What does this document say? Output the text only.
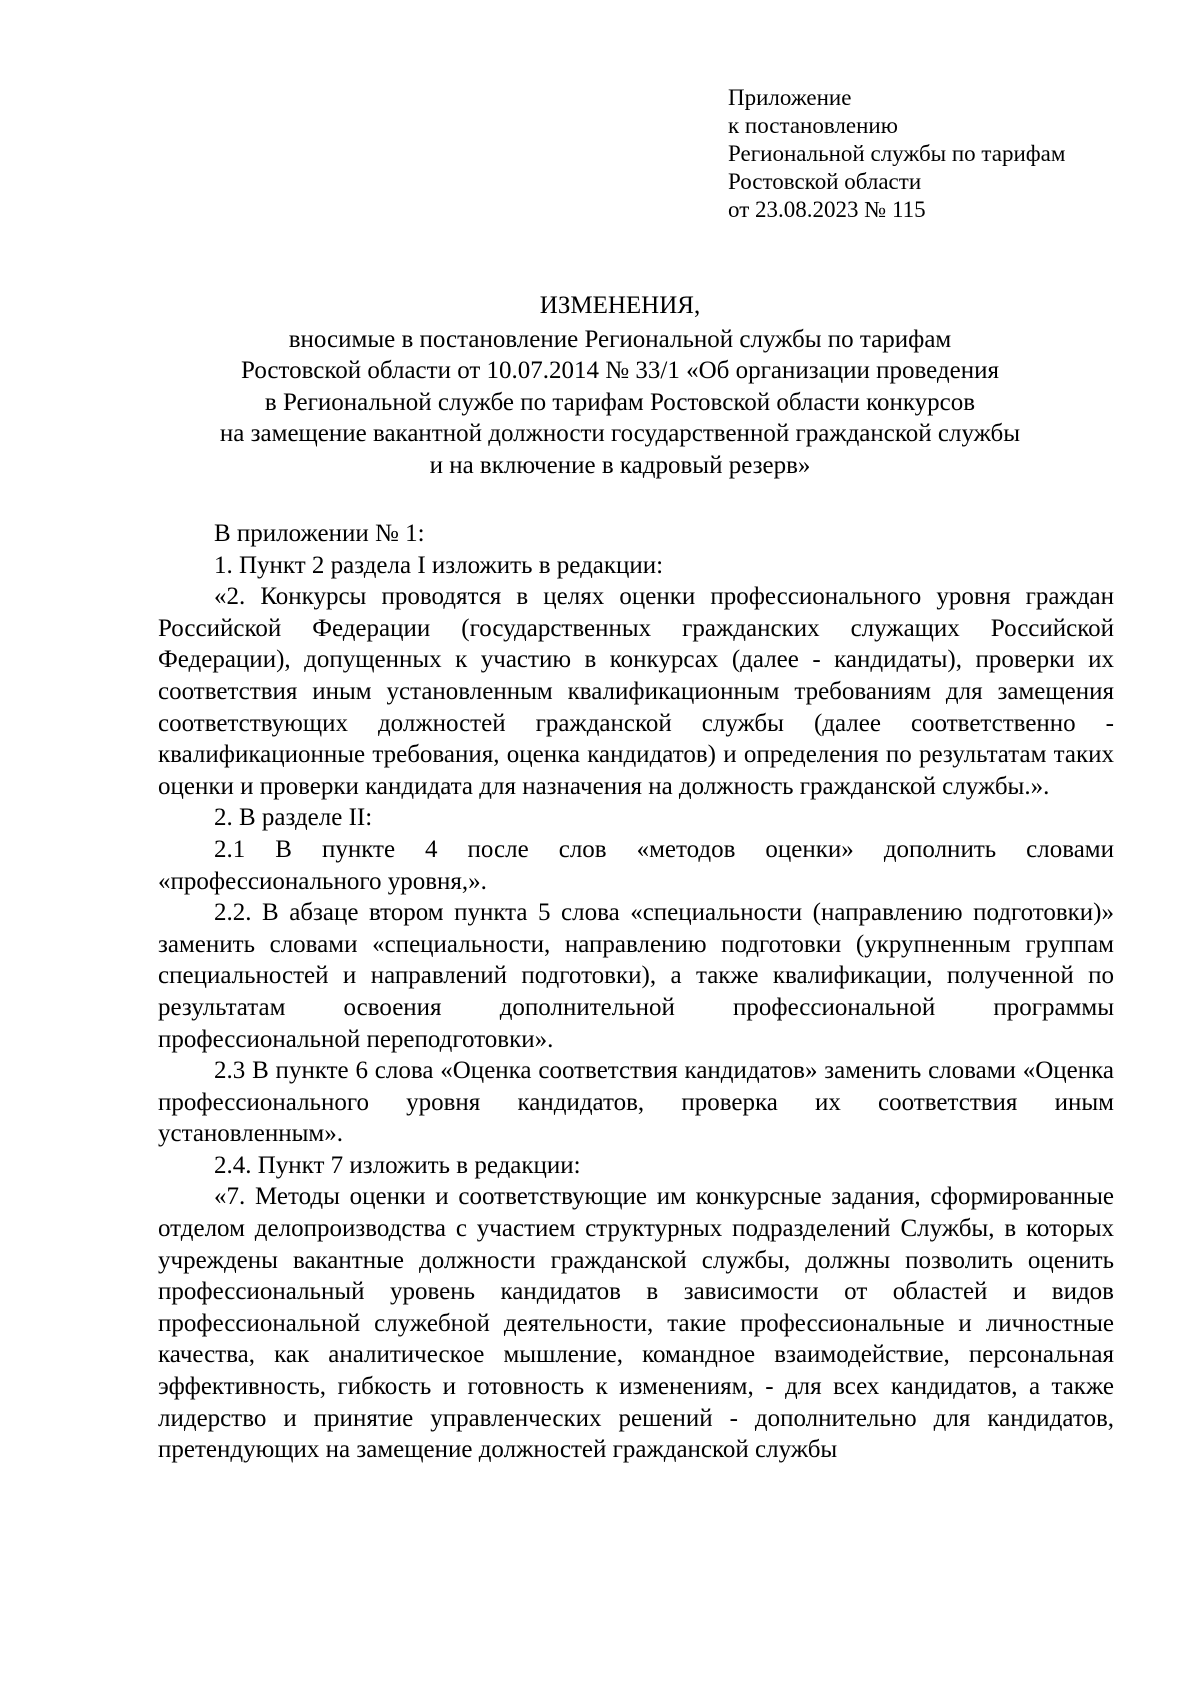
Приложение
к постановлению
Региональной службы по тарифам
Ростовской области
от 23.08.2023 № 115
ИЗМЕНЕНИЯ,
вносимые в постановление Региональной службы по тарифам
Ростовской области от 10.07.2014 № 33/1 «Об организации проведения
в Региональной службе по тарифам Ростовской области конкурсов
на замещение вакантной должности государственной гражданской службы
и на включение в кадровый резерв»

В приложении № 1:

1. Пункт 2 раздела I изложить в редакции:

«2. Конкурсы проводятся в целях оценки профессионального уровня граждан Российской Федерации (государственных гражданских служащих Российской Федерации), допущенных к участию в конкурсах (далее - кандидаты), проверки их соответствия иным установленным квалификационным требованиям для замещения соответствующих должностей гражданской службы (далее соответственно - квалификационные требования, оценка кандидатов) и определения по результатам таких оценки и проверки кандидата для назначения на должность гражданской службы.».

2. В разделе II:

2.1 В пункте 4 после слов «методов оценки» дополнить словами «профессионального уровня,».

2.2. В абзаце втором пункта 5 слова «специальности (направлению подготовки)» заменить словами «специальности, направлению подготовки (укрупненным группам специальностей и направлений подготовки), а также квалификации, полученной по результатам освоения дополнительной профессиональной программы профессиональной переподготовки».

2.3 В пункте 6 слова «Оценка соответствия кандидатов» заменить словами «Оценка профессионального уровня кандидатов, проверка их соответствия иным установленным».

2.4. Пункт 7 изложить в редакции:

«7. Методы оценки и соответствующие им конкурсные задания, сформированные отделом делопроизводства с участием структурных подразделений Службы, в которых учреждены вакантные должности гражданской службы, должны позволить оценить профессиональный уровень кандидатов в зависимости от областей и видов профессиональной служебной деятельности, такие профессиональные и личностные качества, как аналитическое мышление, командное взаимодействие, персональная эффективность, гибкость и готовность к изменениям, - для всех кандидатов, а также лидерство и принятие управленческих решений - дополнительно для кандидатов, претендующих на замещение должностей гражданской службы
